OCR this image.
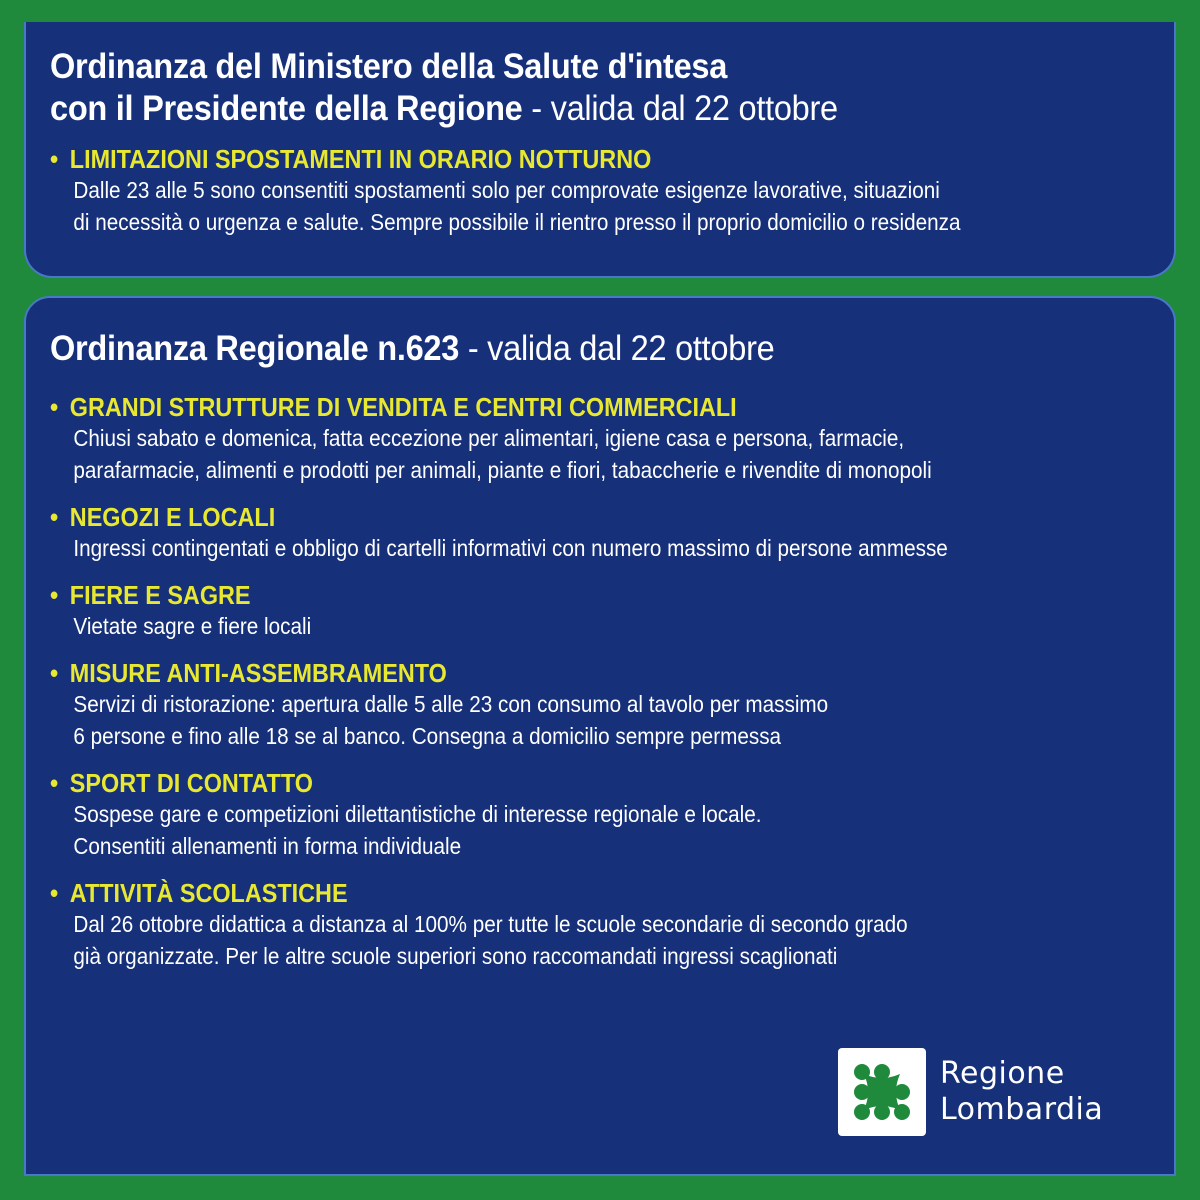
Ordinanza del Ministero della Salute d'intesa
con il Presidente della Regione - valida dal 22 ottobre
• LIMITAZIONI SPOSTAMENTI IN ORARIO NOTTURNO
Dalle 23 alle 5 sono consentiti spostamenti solo per comprovate esigenze lavorative, situazioni
di necessità o urgenza e salute. Sempre possibile il rientro presso il proprio domicilio o residenza
Ordinanza Regionale n.623 - valida dal 22 ottobre
• GRANDI STRUTTURE DI VENDITA E CENTRI COMMERCIALI
Chiusi sabato e domenica, fatta eccezione per alimentari, igiene casa e persona, farmacie,
parafarmacie, alimenti e prodotti per animali, piante e fiori, tabaccherie e rivendite di monopoli
• NEGOZI E LOCALI
Ingressi contingentati e obbligo di cartelli informativi con numero massimo di persone ammesse
• FIERE E SAGRE
Vietate sagre e fiere locali
• MISURE ANTI-ASSEMBRAMENTO
Servizi di ristorazione: apertura dalle 5 alle 23 con consumo al tavolo per massimo
6 persone e fino alle 18 se al banco. Consegna a domicilio sempre permessa
• SPORT DI CONTATTO
Sospese gare e competizioni dilettantistiche di interesse regionale e locale.
Consentiti allenamenti in forma individuale
• ATTIVITÀ SCOLASTICHE
Dal 26 ottobre didattica a distanza al 100% per tutte le scuole secondarie di secondo grado
già organizzate. Per le altre scuole superiori sono raccomandati ingressi scaglionati
Regione
Lombardia
